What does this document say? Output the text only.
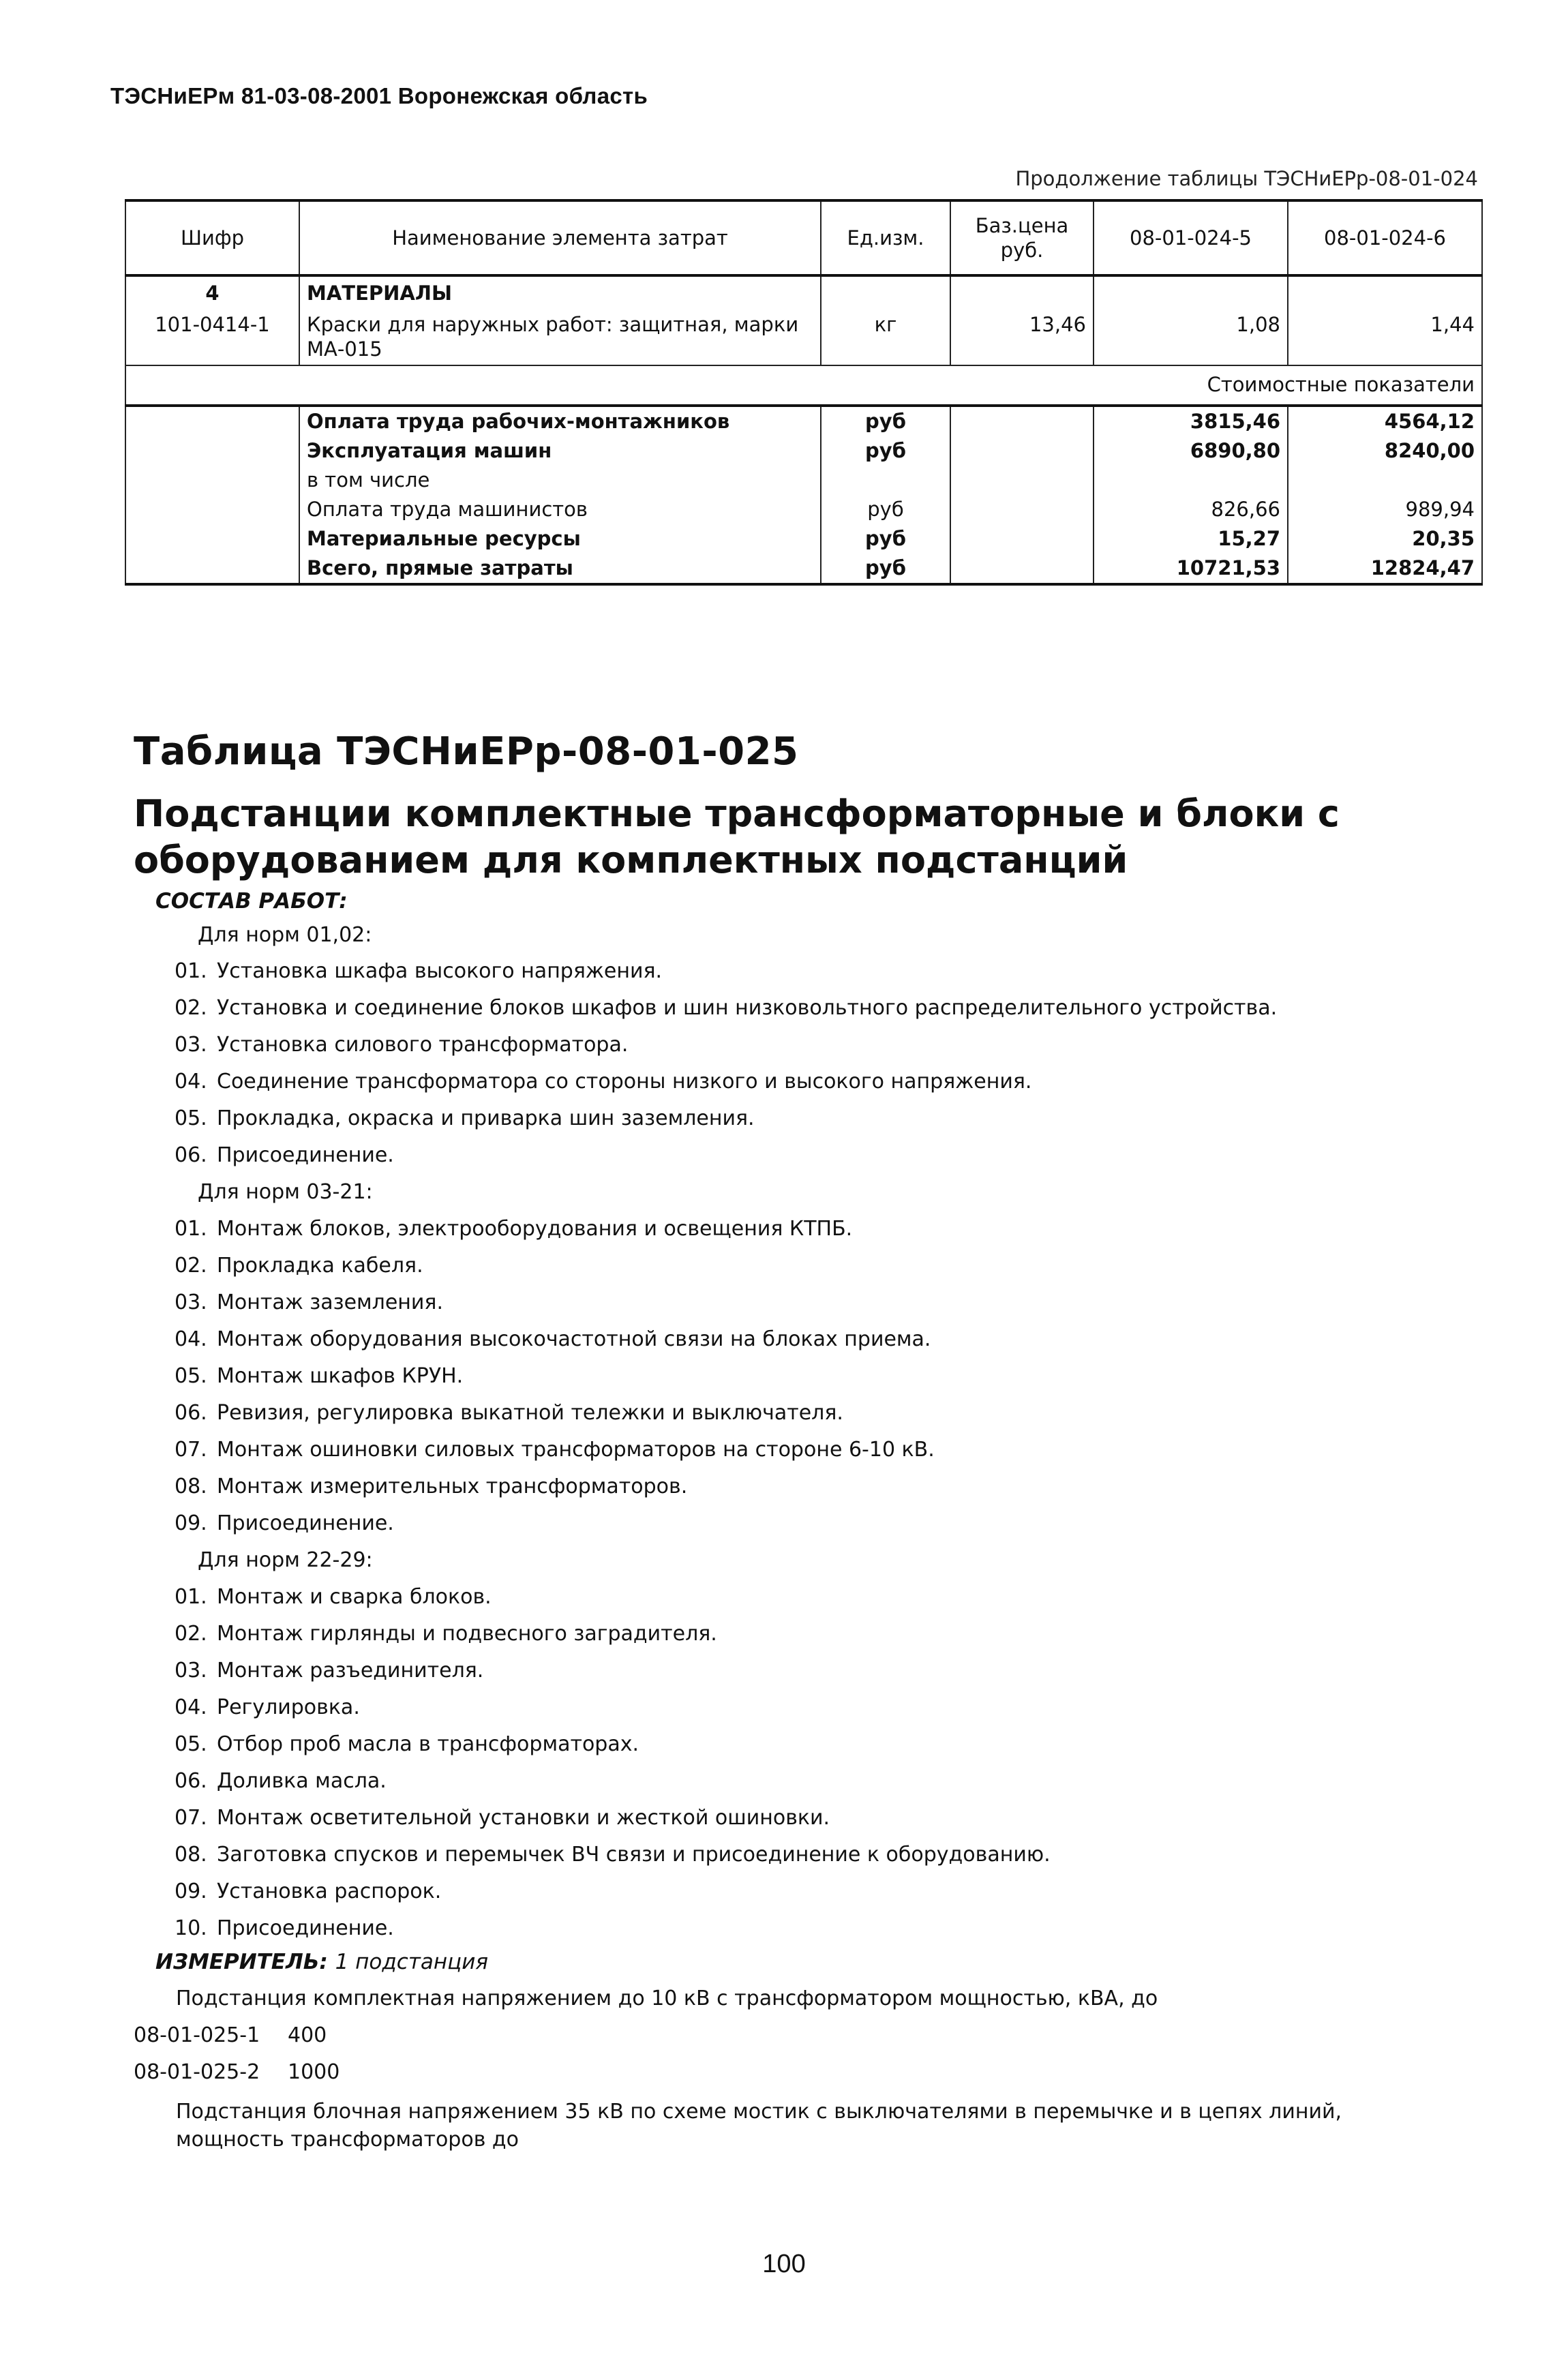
ТЭСНиЕРм 81-03-08-2001 Воронежская область
Продолжение таблицы ТЭСНиЕРр-08-01-024
Шифр	Наименование элемента затрат	Ед.изм.	Баз.цена руб.	08-01-024-5	08-01-024-6
4	МАТЕРИАЛЫ				
101-0414-1	Краски для наружных работ: защитная, марки МА-015	кг	13,46	1,08	1,44
Стоимостные показатели					
	Оплата труда рабочих-монтажников	руб		3815,46	4564,12
	Эксплуатация машин	руб		6890,80	8240,00
	в том числе				
	Оплата труда машинистов	руб		826,66	989,94
	Материальные ресурсы	руб		15,27	20,35
	Всего, прямые затраты	руб		10721,53	12824,47
Таблица ТЭСНиЕРр-08-01-025
Подстанции комплектные трансформаторные и блоки с оборудованием для комплектных подстанций
СОСТАВ РАБОТ:
Для норм 01,02:
01. Установка шкафа высокого напряжения.
02. Установка и соединение блоков шкафов и шин низковольтного распределительного устройства.
03. Установка силового трансформатора.
04. Соединение трансформатора со стороны низкого и высокого напряжения.
05. Прокладка, окраска и приварка шин заземления.
06. Присоединение.
Для норм 03-21:
01. Монтаж блоков, электрооборудования и освещения КТПБ.
02. Прокладка кабеля.
03. Монтаж заземления.
04. Монтаж оборудования высокочастотной связи на блоках приема.
05. Монтаж шкафов КРУН.
06. Ревизия, регулировка выкатной тележки и выключателя.
07. Монтаж ошиновки силовых трансформаторов на стороне 6-10 кВ.
08. Монтаж измерительных трансформаторов.
09. Присоединение.
Для норм 22-29:
01. Монтаж и сварка блоков.
02. Монтаж гирлянды и подвесного заградителя.
03. Монтаж разъединителя.
04. Регулировка.
05. Отбор проб масла в трансформаторах.
06. Доливка масла.
07. Монтаж осветительной установки и жесткой ошиновки.
08. Заготовка спусков и перемычек ВЧ связи и присоединение к оборудованию.
09. Установка распорок.
10. Присоединение.
ИЗМЕРИТЕЛЬ: 1 подстанция
Подстанция комплектная напряжением до 10 кВ с трансформатором мощностью, кВА, до
08-01-025-1 400
08-01-025-2 1000
Подстанция блочная напряжением 35 кВ по схеме мостик с выключателями в перемычке и в цепях линий, мощность трансформаторов до
100
